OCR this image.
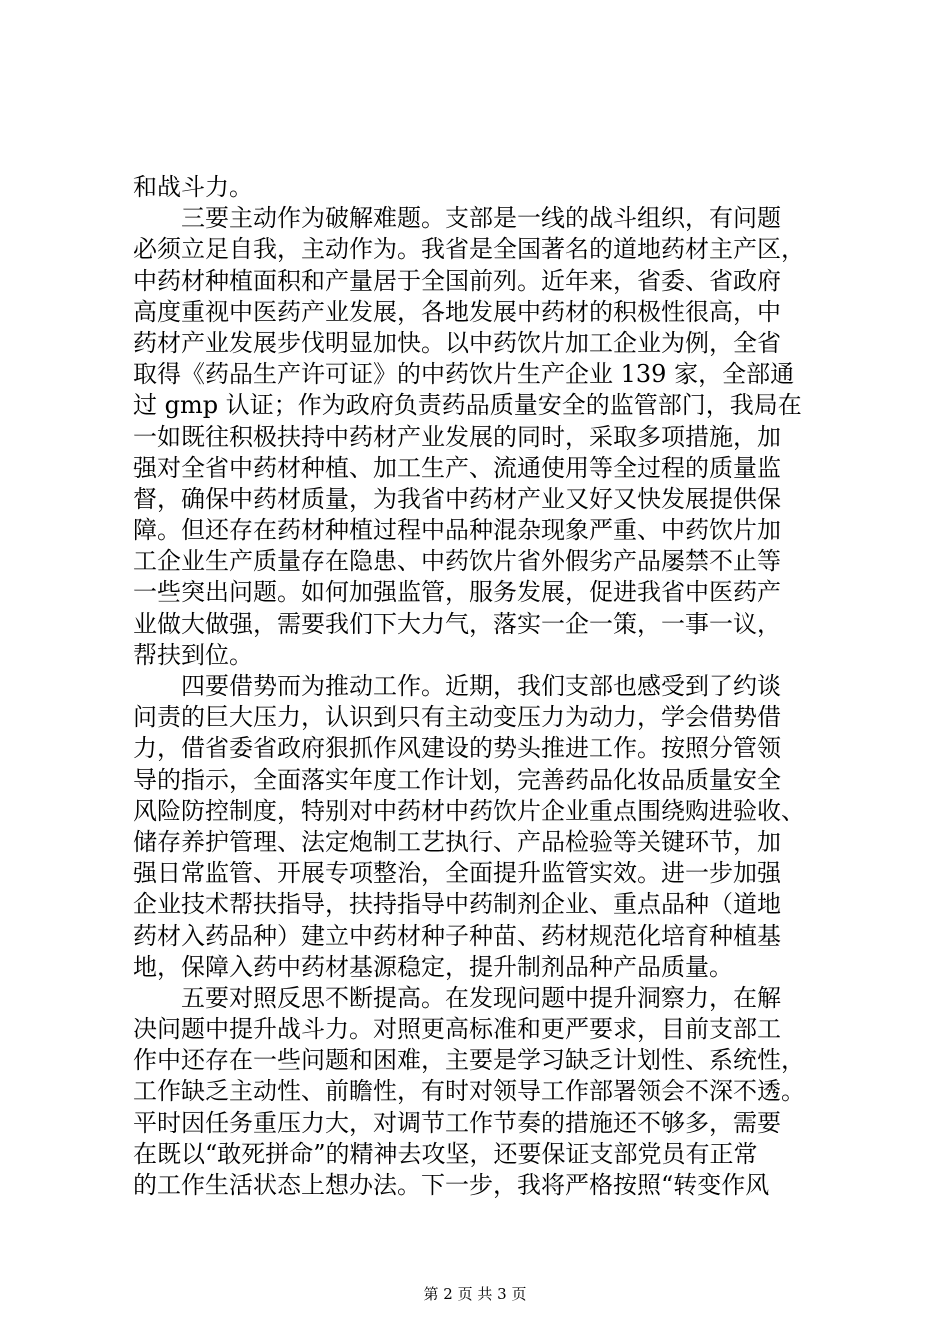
和战斗力。
　　三要主动作为破解难题。支部是一线的战斗组织，有问题
必须立足自我，主动作为。我省是全国著名的道地药材主产区，
中药材种植面积和产量居于全国前列。近年来，省委、省政府
高度重视中医药产业发展，各地发展中药材的积极性很高，中
药材产业发展步伐明显加快。以中药饮片加工企业为例，全省
取得《药品生产许可证》的中药饮片生产企业 139 家，全部通
过 gmp 认证；作为政府负责药品质量安全的监管部门，我局在
一如既往积极扶持中药材产业发展的同时，采取多项措施，加
强对全省中药材种植、加工生产、流通使用等全过程的质量监
督，确保中药材质量，为我省中药材产业又好又快发展提供保
障。但还存在药材种植过程中品种混杂现象严重、中药饮片加
工企业生产质量存在隐患、中药饮片省外假劣产品屡禁不止等
一些突出问题。如何加强监管，服务发展，促进我省中医药产
业做大做强，需要我们下大力气，落实一企一策，一事一议，
帮扶到位。
　　四要借势而为推动工作。近期，我们支部也感受到了约谈
问责的巨大压力，认识到只有主动变压力为动力，学会借势借
力，借省委省政府狠抓作风建设的势头推进工作。按照分管领
导的指示，全面落实年度工作计划，完善药品化妆品质量安全
风险防控制度，特别对中药材中药饮片企业重点围绕购进验收、
储存养护管理、法定炮制工艺执行、产品检验等关键环节，加
强日常监管、开展专项整治，全面提升监管实效。进一步加强
企业技术帮扶指导，扶持指导中药制剂企业、重点品种（道地
药材入药品种）建立中药材种子种苗、药材规范化培育种植基
地，保障入药中药材基源稳定，提升制剂品种产品质量。
　　五要对照反思不断提高。在发现问题中提升洞察力，在解
决问题中提升战斗力。对照更高标准和更严要求，目前支部工
作中还存在一些问题和困难，主要是学习缺乏计划性、系统性，
工作缺乏主动性、前瞻性，有时对领导工作部署领会不深不透。
平时因任务重压力大，对调节工作节奏的措施还不够多，需要
在既以“敢死拼命”的精神去攻坚，还要保证支部党员有正常
的工作生活状态上想办法。下一步，我将严格按照“转变作风
第 2 页 共 3 页
